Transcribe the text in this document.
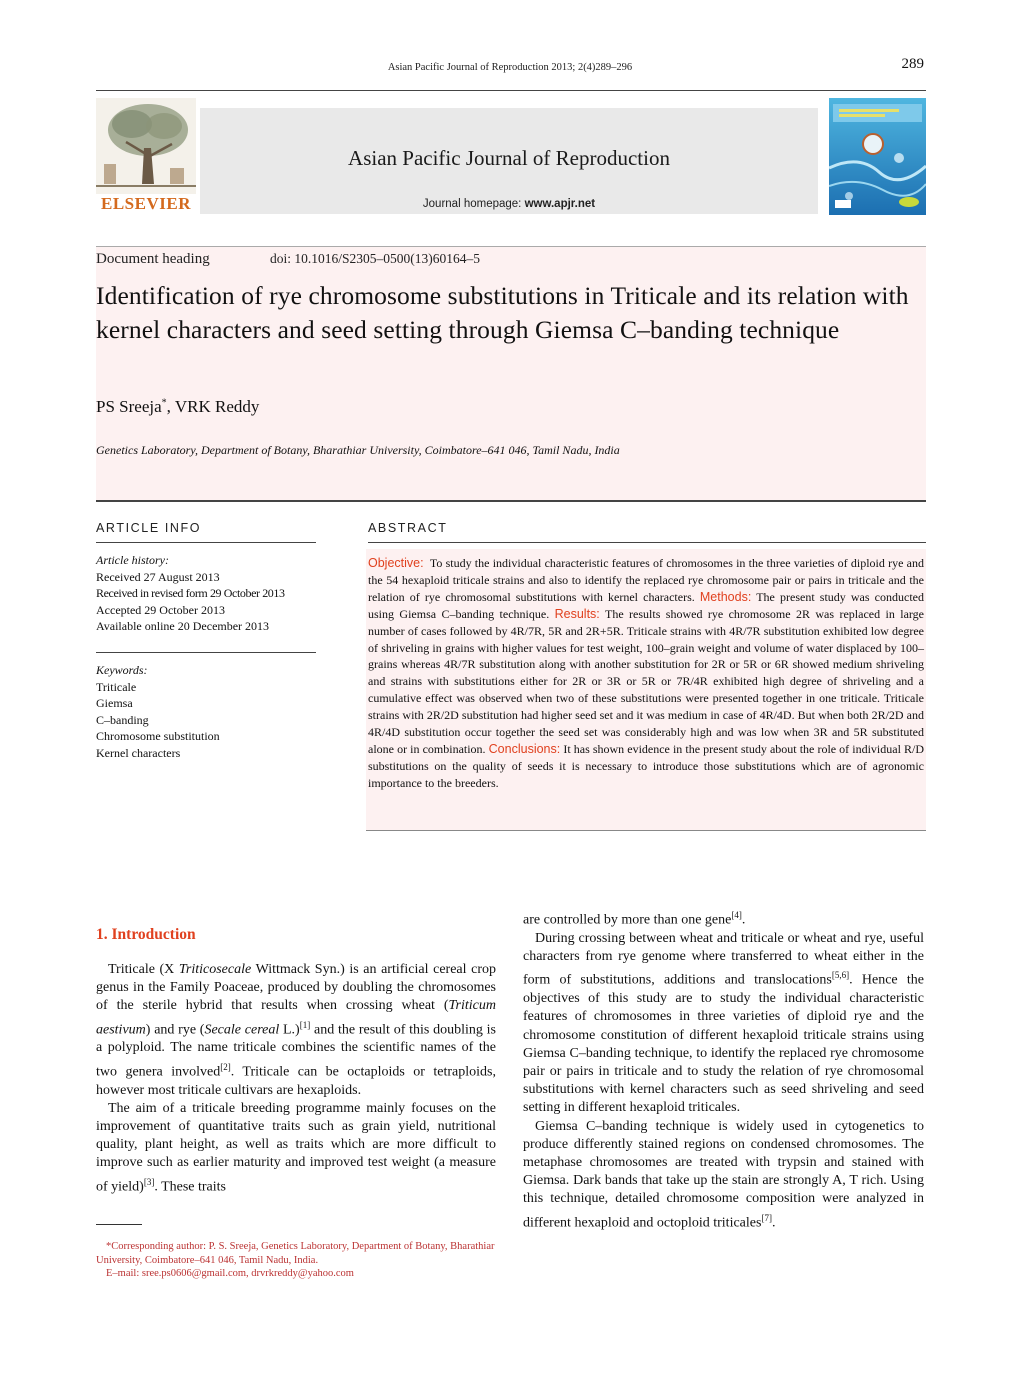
Asian Pacific Journal of Reproduction 2013; 2(4)289–296	289
ELSEVIER
Asian Pacific Journal of Reproduction
Journal homepage: www.apjr.net
Document heading	doi: 10.1016/S2305–0500(13)60164–5
Identification of rye chromosome substitutions in Triticale and its relation with kernel characters and seed setting through Giemsa C–banding technique
PS Sreeja*, VRK Reddy
Genetics Laboratory, Department of Botany, Bharathiar University, Coimbatore–641 046, Tamil Nadu, India
ARTICLE INFO
Article history:
Received 27 August 2013
Received in revised form 29 October 2013
Accepted 29 October 2013
Available online 20 December 2013
Keywords:
Triticale
Giemsa
C–banding
Chromosome substitution
Kernel characters
ABSTRACT
Objective: To study the individual characteristic features of chromosomes in the three varieties of diploid rye and the 54 hexaploid triticale strains and also to identify the replaced rye chromosome pair or pairs in triticale and the relation of rye chromosomal substitutions with kernel characters. Methods: The present study was conducted using Giemsa C–banding technique. Results: The results showed rye chromosome 2R was replaced in large number of cases followed by 4R/7R, 5R and 2R+5R. Triticale strains with 4R/7R substitution exhibited low degree of shriveling in grains with higher values for test weight, 100–grain weight and volume of water displaced by 100–grains whereas 4R/7R substitution along with another substitution for 2R or 5R or 6R showed medium shriveling and strains with substitutions either for 2R or 3R or 5R or 7R/4R exhibited high degree of shriveling and a cumulative effect was observed when two of these substitutions were presented together in one triticale. Triticale strains with 2R/2D substitution had higher seed set and it was medium in case of 4R/4D. But when both 2R/2D and 4R/4D substitution occur together the seed set was considerably high and was low when 3R and 5R substituted alone or in combination. Conclusions: It has shown evidence in the present study about the role of individual R/D substitutions on the quality of seeds it is necessary to introduce those substitutions which are of agronomic importance to the breeders.
1. Introduction

Triticale (X Triticosecale Wittmack Syn.) is an artificial cereal crop genus in the Family Poaceae, produced by doubling the chromosomes of the sterile hybrid that results when crossing wheat (Triticum aestivum) and rye (Secale cereal L.)[1] and the result of this doubling is a polyploid. The name triticale combines the scientific names of the two genera involved[2]. Triticale can be octaploids or tetraploids, however most triticale cultivars are hexaploids.

The aim of a triticale breeding programme mainly focuses on the improvement of quantitative traits such as grain yield, nutritional quality, plant height, as well as traits which are more difficult to improve such as earlier maturity and improved test weight (a measure of yield)[3]. These traits

are controlled by more than one gene[4].

During crossing between wheat and triticale or wheat and rye, useful characters from rye genome where transferred to wheat either in the form of substitutions, additions and translocations[5,6]. Hence the objectives of this study are to study the individual characteristic features of chromosomes in three varieties of diploid rye and the chromosome constitution of different hexaploid triticale strains using Giemsa C–banding technique, to identify the replaced rye chromosome pair or pairs in triticale and to study the relation of rye chromosomal substitutions with kernel characters such as seed shriveling and seed setting in different hexaploid triticales.

Giemsa C–banding technique is widely used in cytogenetics to produce differently stained regions on condensed chromosomes. The metaphase chromosomes are treated with trypsin and stained with Giemsa. Dark bands that take up the stain are strongly A, T rich. Using this technique, detailed chromosome composition were analyzed in different hexaploid and octoploid triticales[7].

*Corresponding author: P. S. Sreeja, Genetics Laboratory, Department of Botany, Bharathiar University, Coimbatore–641 046, Tamil Nadu, India.
E–mail: sree.ps0606@gmail.com, drvrkreddy@yahoo.com
